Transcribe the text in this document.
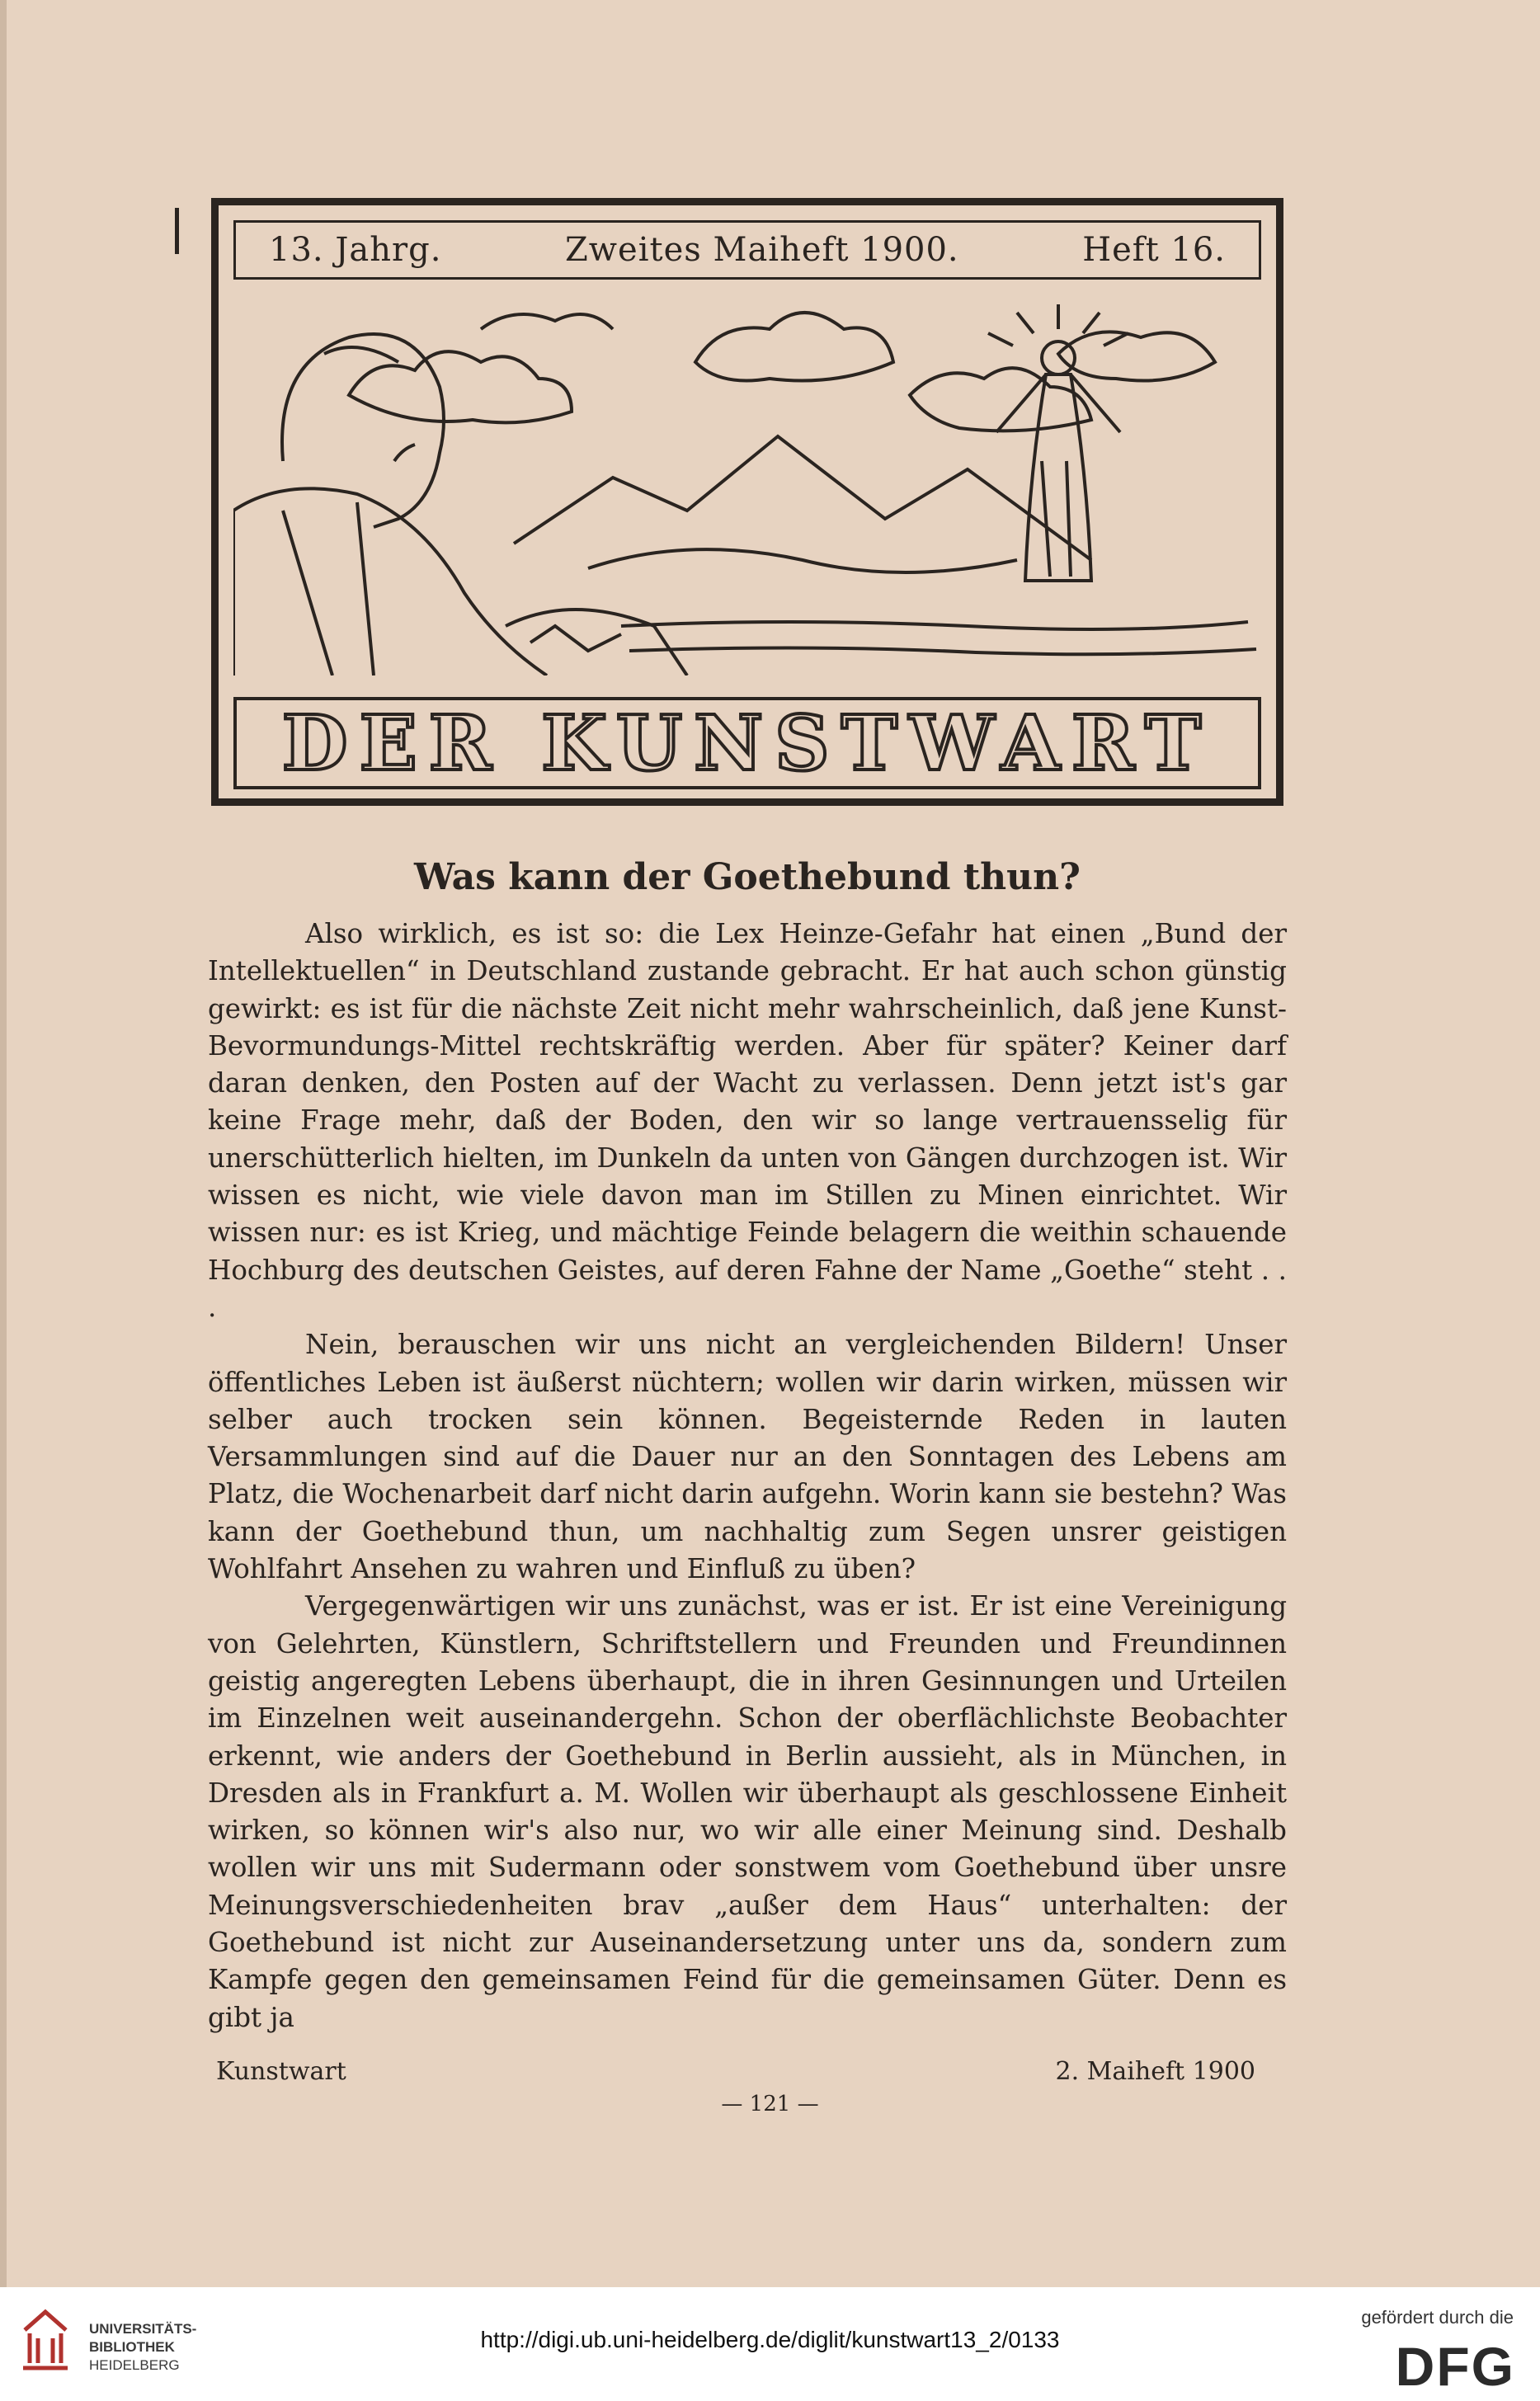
13. Jahrg.	Zweites Maiheft 1900.	Heft 16.
DER KUNSTWART
Was kann der Goethebund thun?

Also wirklich, es ist so: die Lex Heinze-Gefahr hat einen „Bund der Intellektuellen“ in Deutschland zustande gebracht. Er hat auch schon günstig gewirkt: es ist für die nächste Zeit nicht mehr wahrscheinlich, daß jene Kunst-Bevormundungs-Mittel rechtskräftig werden. Aber für später? Keiner darf daran denken, den Posten auf der Wacht zu verlassen. Denn jetzt ist's gar keine Frage mehr, daß der Boden, den wir so lange vertrauensselig für unerschütterlich hielten, im Dunkeln da unten von Gängen durchzogen ist. Wir wissen es nicht, wie viele davon man im Stillen zu Minen einrichtet. Wir wissen nur: es ist Krieg, und mächtige Feinde belagern die weithin schauende Hochburg des deutschen Geistes, auf deren Fahne der Name „Goethe“ steht . . .

Nein, berauschen wir uns nicht an vergleichenden Bildern! Unser öffentliches Leben ist äußerst nüchtern; wollen wir darin wirken, müssen wir selber auch trocken sein können. Begeisternde Reden in lauten Versammlungen sind auf die Dauer nur an den Sonntagen des Lebens am Platz, die Wochenarbeit darf nicht darin aufgehn. Worin kann sie bestehn? Was kann der Goethebund thun, um nachhaltig zum Segen unsrer geistigen Wohlfahrt Ansehen zu wahren und Einfluß zu üben?

Vergegenwärtigen wir uns zunächst, was er ist. Er ist eine Vereinigung von Gelehrten, Künstlern, Schriftstellern und Freunden und Freundinnen geistig angeregten Lebens überhaupt, die in ihren Gesinnungen und Urteilen im Einzelnen weit auseinandergehn. Schon der oberflächlichste Beobachter erkennt, wie anders der Goethebund in Berlin aussieht, als in München, in Dresden als in Frankfurt a. M. Wollen wir überhaupt als geschlossene Einheit wirken, so können wir's also nur, wo wir alle einer Meinung sind. Deshalb wollen wir uns mit Sudermann oder sonstwem vom Goethebund über unsre Meinungsverschiedenheiten brav „außer dem Haus“ unterhalten: der Goethebund ist nicht zur Auseinandersetzung unter uns da, sondern zum Kampfe gegen den gemeinsamen Feind für die gemeinsamen Güter. Denn es gibt ja

Kunstwart	2. Maiheft 1900
— 121 —
UNIVERSITÄTS-
BIBLIOTHEK
HEIDELBERG
http://digi.ub.uni-heidelberg.de/diglit/kunstwart13_2/0133
gefördert durch die
DFG
